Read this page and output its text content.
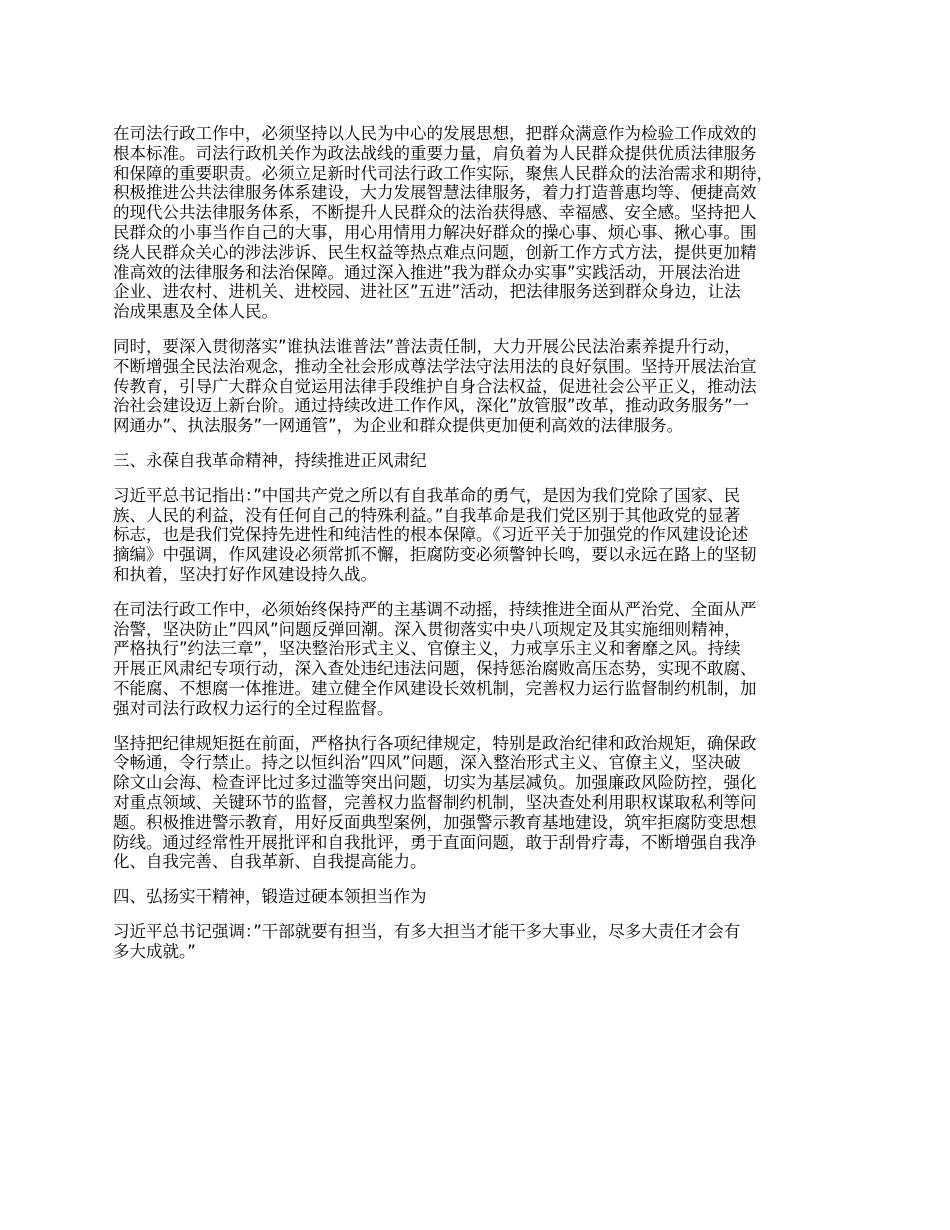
在司法行政工作中，必须坚持以人民为中心的发展思想，把群众满意作为检验工作成效的
根本标准。司法行政机关作为政法战线的重要力量，肩负着为人民群众提供优质法律服务
和保障的重要职责。必须立足新时代司法行政工作实际，聚焦人民群众的法治需求和期待，
积极推进公共法律服务体系建设，大力发展智慧法律服务，着力打造普惠均等、便捷高效
的现代公共法律服务体系，不断提升人民群众的法治获得感、幸福感、安全感。坚持把人
民群众的小事当作自己的大事，用心用情用力解决好群众的操心事、烦心事、揪心事。围
绕人民群众关心的涉法涉诉、民生权益等热点难点问题，创新工作方式方法，提供更加精
准高效的法律服务和法治保障。通过深入推进”我为群众办实事”实践活动，开展法治进
企业、进农村、进机关、进校园、进社区”五进”活动，把法律服务送到群众身边，让法
治成果惠及全体人民。
同时，要深入贯彻落实”谁执法谁普法”普法责任制，大力开展公民法治素养提升行动，
不断增强全民法治观念，推动全社会形成尊法学法守法用法的良好氛围。坚持开展法治宣
传教育，引导广大群众自觉运用法律手段维护自身合法权益，促进社会公平正义，推动法
治社会建设迈上新台阶。通过持续改进工作作风，深化”放管服”改革，推动政务服务”一
网通办”、执法服务”一网通管”，为企业和群众提供更加便利高效的法律服务。
三、永葆自我革命精神，持续推进正风肃纪
习近平总书记指出：”中国共产党之所以有自我革命的勇气，是因为我们党除了国家、民
族、人民的利益，没有任何自己的特殊利益。”自我革命是我们党区别于其他政党的显著
标志，也是我们党保持先进性和纯洁性的根本保障。《习近平关于加强党的作风建设论述
摘编》中强调，作风建设必须常抓不懈，拒腐防变必须警钟长鸣，要以永远在路上的坚韧
和执着，坚决打好作风建设持久战。
在司法行政工作中，必须始终保持严的主基调不动摇，持续推进全面从严治党、全面从严
治警，坚决防止”四风”问题反弹回潮。深入贯彻落实中央八项规定及其实施细则精神，
严格执行”约法三章”，坚决整治形式主义、官僚主义，力戒享乐主义和奢靡之风。持续
开展正风肃纪专项行动，深入查处违纪违法问题，保持惩治腐败高压态势，实现不敢腐、
不能腐、不想腐一体推进。建立健全作风建设长效机制，完善权力运行监督制约机制，加
强对司法行政权力运行的全过程监督。
坚持把纪律规矩挺在前面，严格执行各项纪律规定，特别是政治纪律和政治规矩，确保政
令畅通，令行禁止。持之以恒纠治”四风”问题，深入整治形式主义、官僚主义，坚决破
除文山会海、检查评比过多过滥等突出问题，切实为基层减负。加强廉政风险防控，强化
对重点领域、关键环节的监督，完善权力监督制约机制，坚决查处利用职权谋取私利等问
题。积极推进警示教育，用好反面典型案例，加强警示教育基地建设，筑牢拒腐防变思想
防线。通过经常性开展批评和自我批评，勇于直面问题，敢于刮骨疗毒，不断增强自我净
化、自我完善、自我革新、自我提高能力。
四、弘扬实干精神，锻造过硬本领担当作为
习近平总书记强调：”干部就要有担当，有多大担当才能干多大事业，尽多大责任才会有
多大成就。”
